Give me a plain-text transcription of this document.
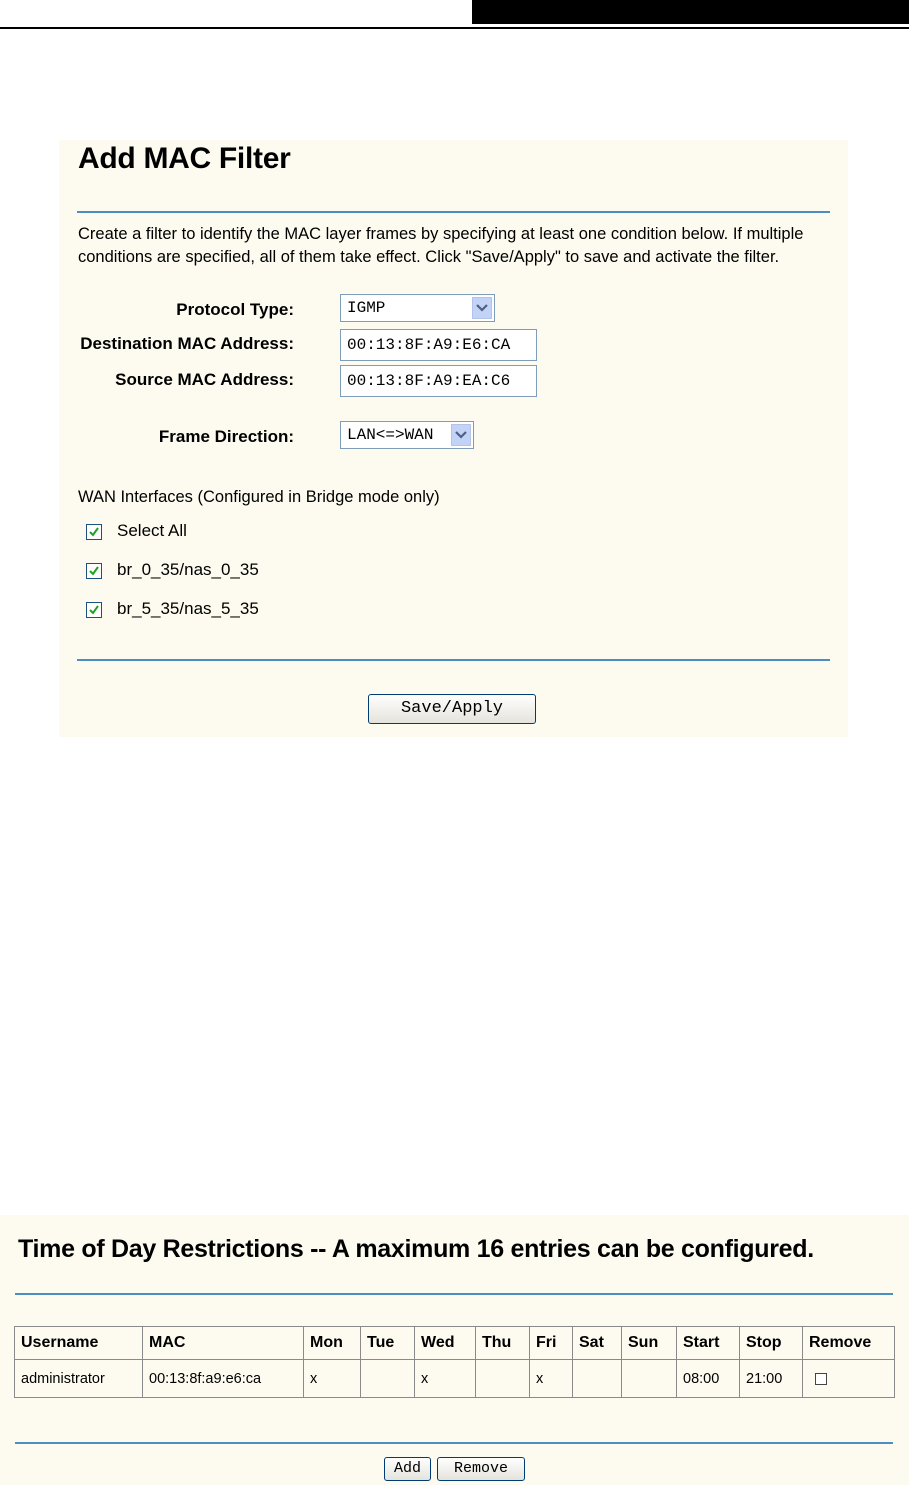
Add MAC Filter
Create a filter to identify the MAC layer frames by specifying at least one condition below. If multiple conditions are specified, all of them take effect. Click "Save/Apply" to save and activate the filter.
Protocol Type:	IGMP
Destination MAC Address:
00:13:8F:A9:E6:CA
Source MAC Address:
00:13:8F:A9:EA:C6
Frame Direction:	LAN<=>WAN
WAN Interfaces (Configured in Bridge mode only)
Select All
br_0_35/nas_0_35
br_5_35/nas_5_35
Save/Apply
Time of Day Restrictions -- A maximum 16 entries can be configured.
Username	MAC	Mon	Tue	Wed	Thu	Fri	Sat	Sun	Start	Stop	Remove
administrator	00:13:8f:a9:e6:ca	x		x		x			08:00	21:00	
Add	Remove
